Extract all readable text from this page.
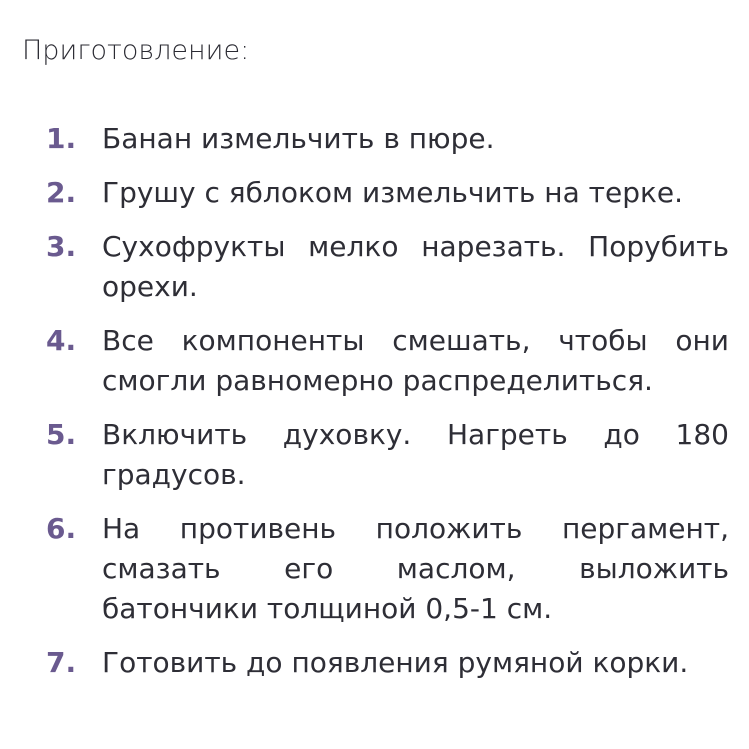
Приготовление:
1. Банан измельчить в пюре.
2. Грушу с яблоком измельчить на терке.
3. Сухофрукты мелко нарезать. Порубить орехи.
4. Все компоненты смешать, чтобы они смогли равномерно распределиться.
5. Включить духовку. Нагреть до 180 градусов.
6. На противень положить пергамент, смазать его маслом, выложить батончики толщиной 0,5-1 см.
7. Готовить до появления румяной корки.
